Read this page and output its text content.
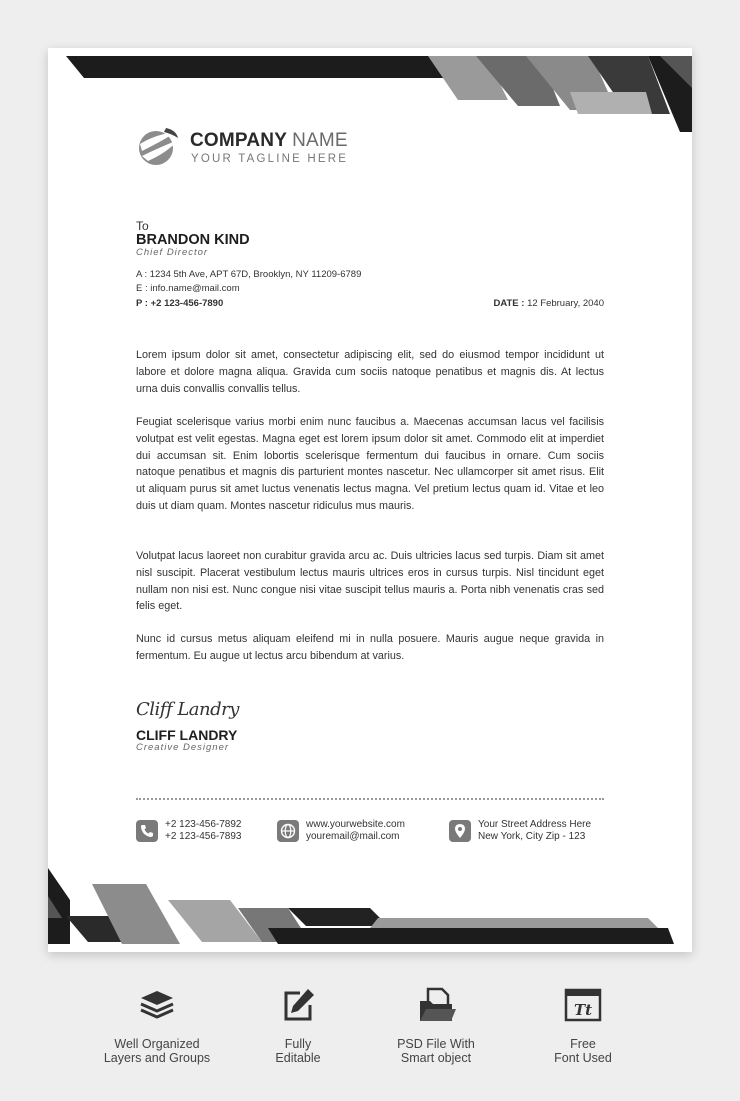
COMPANY NAME
YOUR TAGLINE HERE
To
BRANDON KIND
Chief Director
A : 1234 5th Ave, APT 67D, Brooklyn, NY 11209-6789
E : info.name@mail.com
P : +2 123-456-7890	DATE : 12 February, 2040

Lorem ipsum dolor sit amet, consectetur adipiscing elit, sed do eiusmod tempor incididunt ut labore et dolore magna aliqua. Gravida cum sociis natoque penatibus et magnis dis. At lectus urna duis convallis convallis tellus.

Feugiat scelerisque varius morbi enim nunc faucibus a. Maecenas accumsan lacus vel facilisis volutpat est velit egestas. Magna eget est lorem ipsum dolor sit amet. Commodo elit at imperdiet dui accumsan sit. Enim lobortis scelerisque fermentum dui faucibus in ornare. Cum sociis natoque penatibus et magnis dis parturient montes nascetur. Nec ullamcorper sit amet risus. Elit ut aliquam purus sit amet luctus venenatis lectus magna. Vel pretium lectus quam id. Vitae et leo duis ut diam quam. Montes nascetur ridiculus mus mauris.

Volutpat lacus laoreet non curabitur gravida arcu ac. Duis ultricies lacus sed turpis. Diam sit amet nisl suscipit. Placerat vestibulum lectus mauris ultrices eros in cursus turpis. Nisl tincidunt eget nullam non nisi est. Nunc congue nisi vitae suscipit tellus mauris a. Porta nibh venenatis cras sed felis eget.

Nunc id cursus metus aliquam eleifend mi in nulla posuere. Mauris augue neque gravida in fermentum. Eu augue ut lectus arcu bibendum at varius.

Cliff Landry
CLIFF LANDRY
Creative Designer
+2 123-456-7892
+2 123-456-7893
www.yourwebsite.com
youremail@mail.com
Your Street Address Here
New York, City Zip - 123
Well Organized
Layers and Groups
Fully
Editable
PSD File With
Smart object
Tt
Free
Font Used
